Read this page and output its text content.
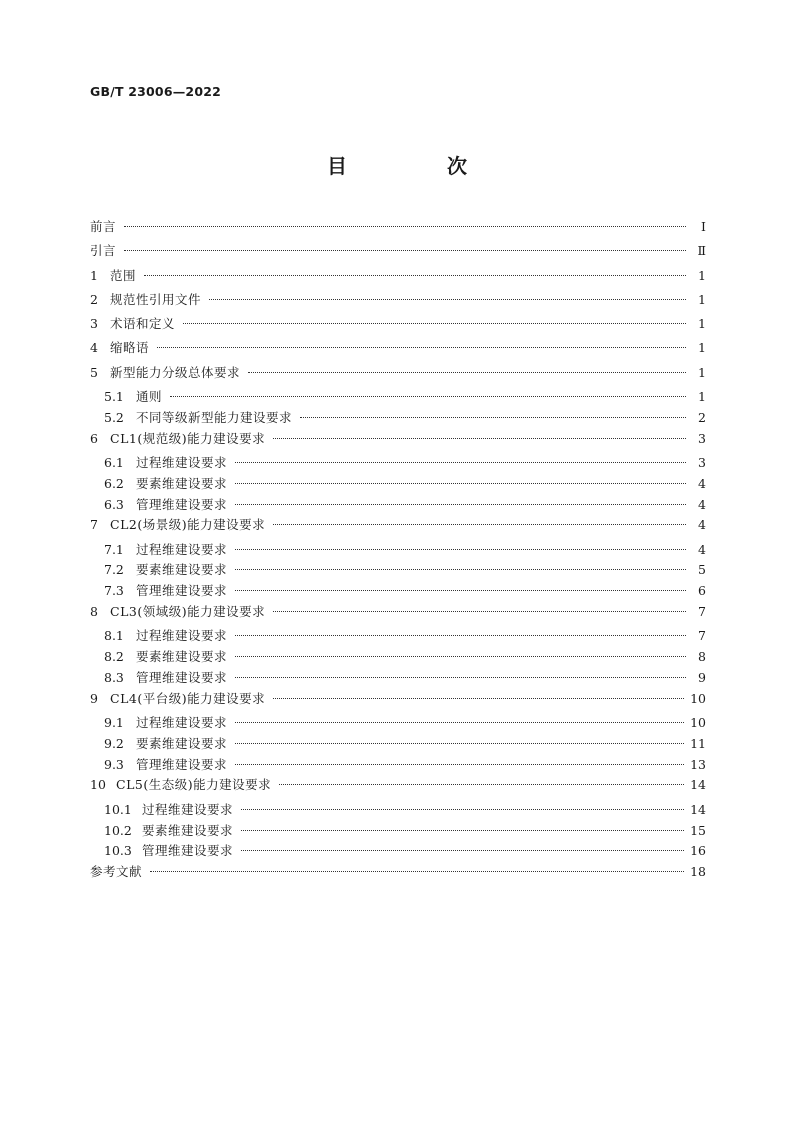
GB/T 23006—2022
目　次
前言	Ⅰ
引言	Ⅱ
1 范围	1
2 规范性引用文件	1
3 术语和定义	1
4 缩略语	1
5 新型能力分级总体要求	1
5.1 通则	1
5.2 不同等级新型能力建设要求	2
6 CL1(规范级)能力建设要求	3
6.1 过程维建设要求	3
6.2 要素维建设要求	4
6.3 管理维建设要求	4
7 CL2(场景级)能力建设要求	4
7.1 过程维建设要求	4
7.2 要素维建设要求	5
7.3 管理维建设要求	6
8 CL3(领域级)能力建设要求	7
8.1 过程维建设要求	7
8.2 要素维建设要求	8
8.3 管理维建设要求	9
9 CL4(平台级)能力建设要求	10
9.1 过程维建设要求	10
9.2 要素维建设要求	11
9.3 管理维建设要求	13
10 CL5(生态级)能力建设要求	14
10.1 过程维建设要求	14
10.2 要素维建设要求	15
10.3 管理维建设要求	16
参考文献	18
